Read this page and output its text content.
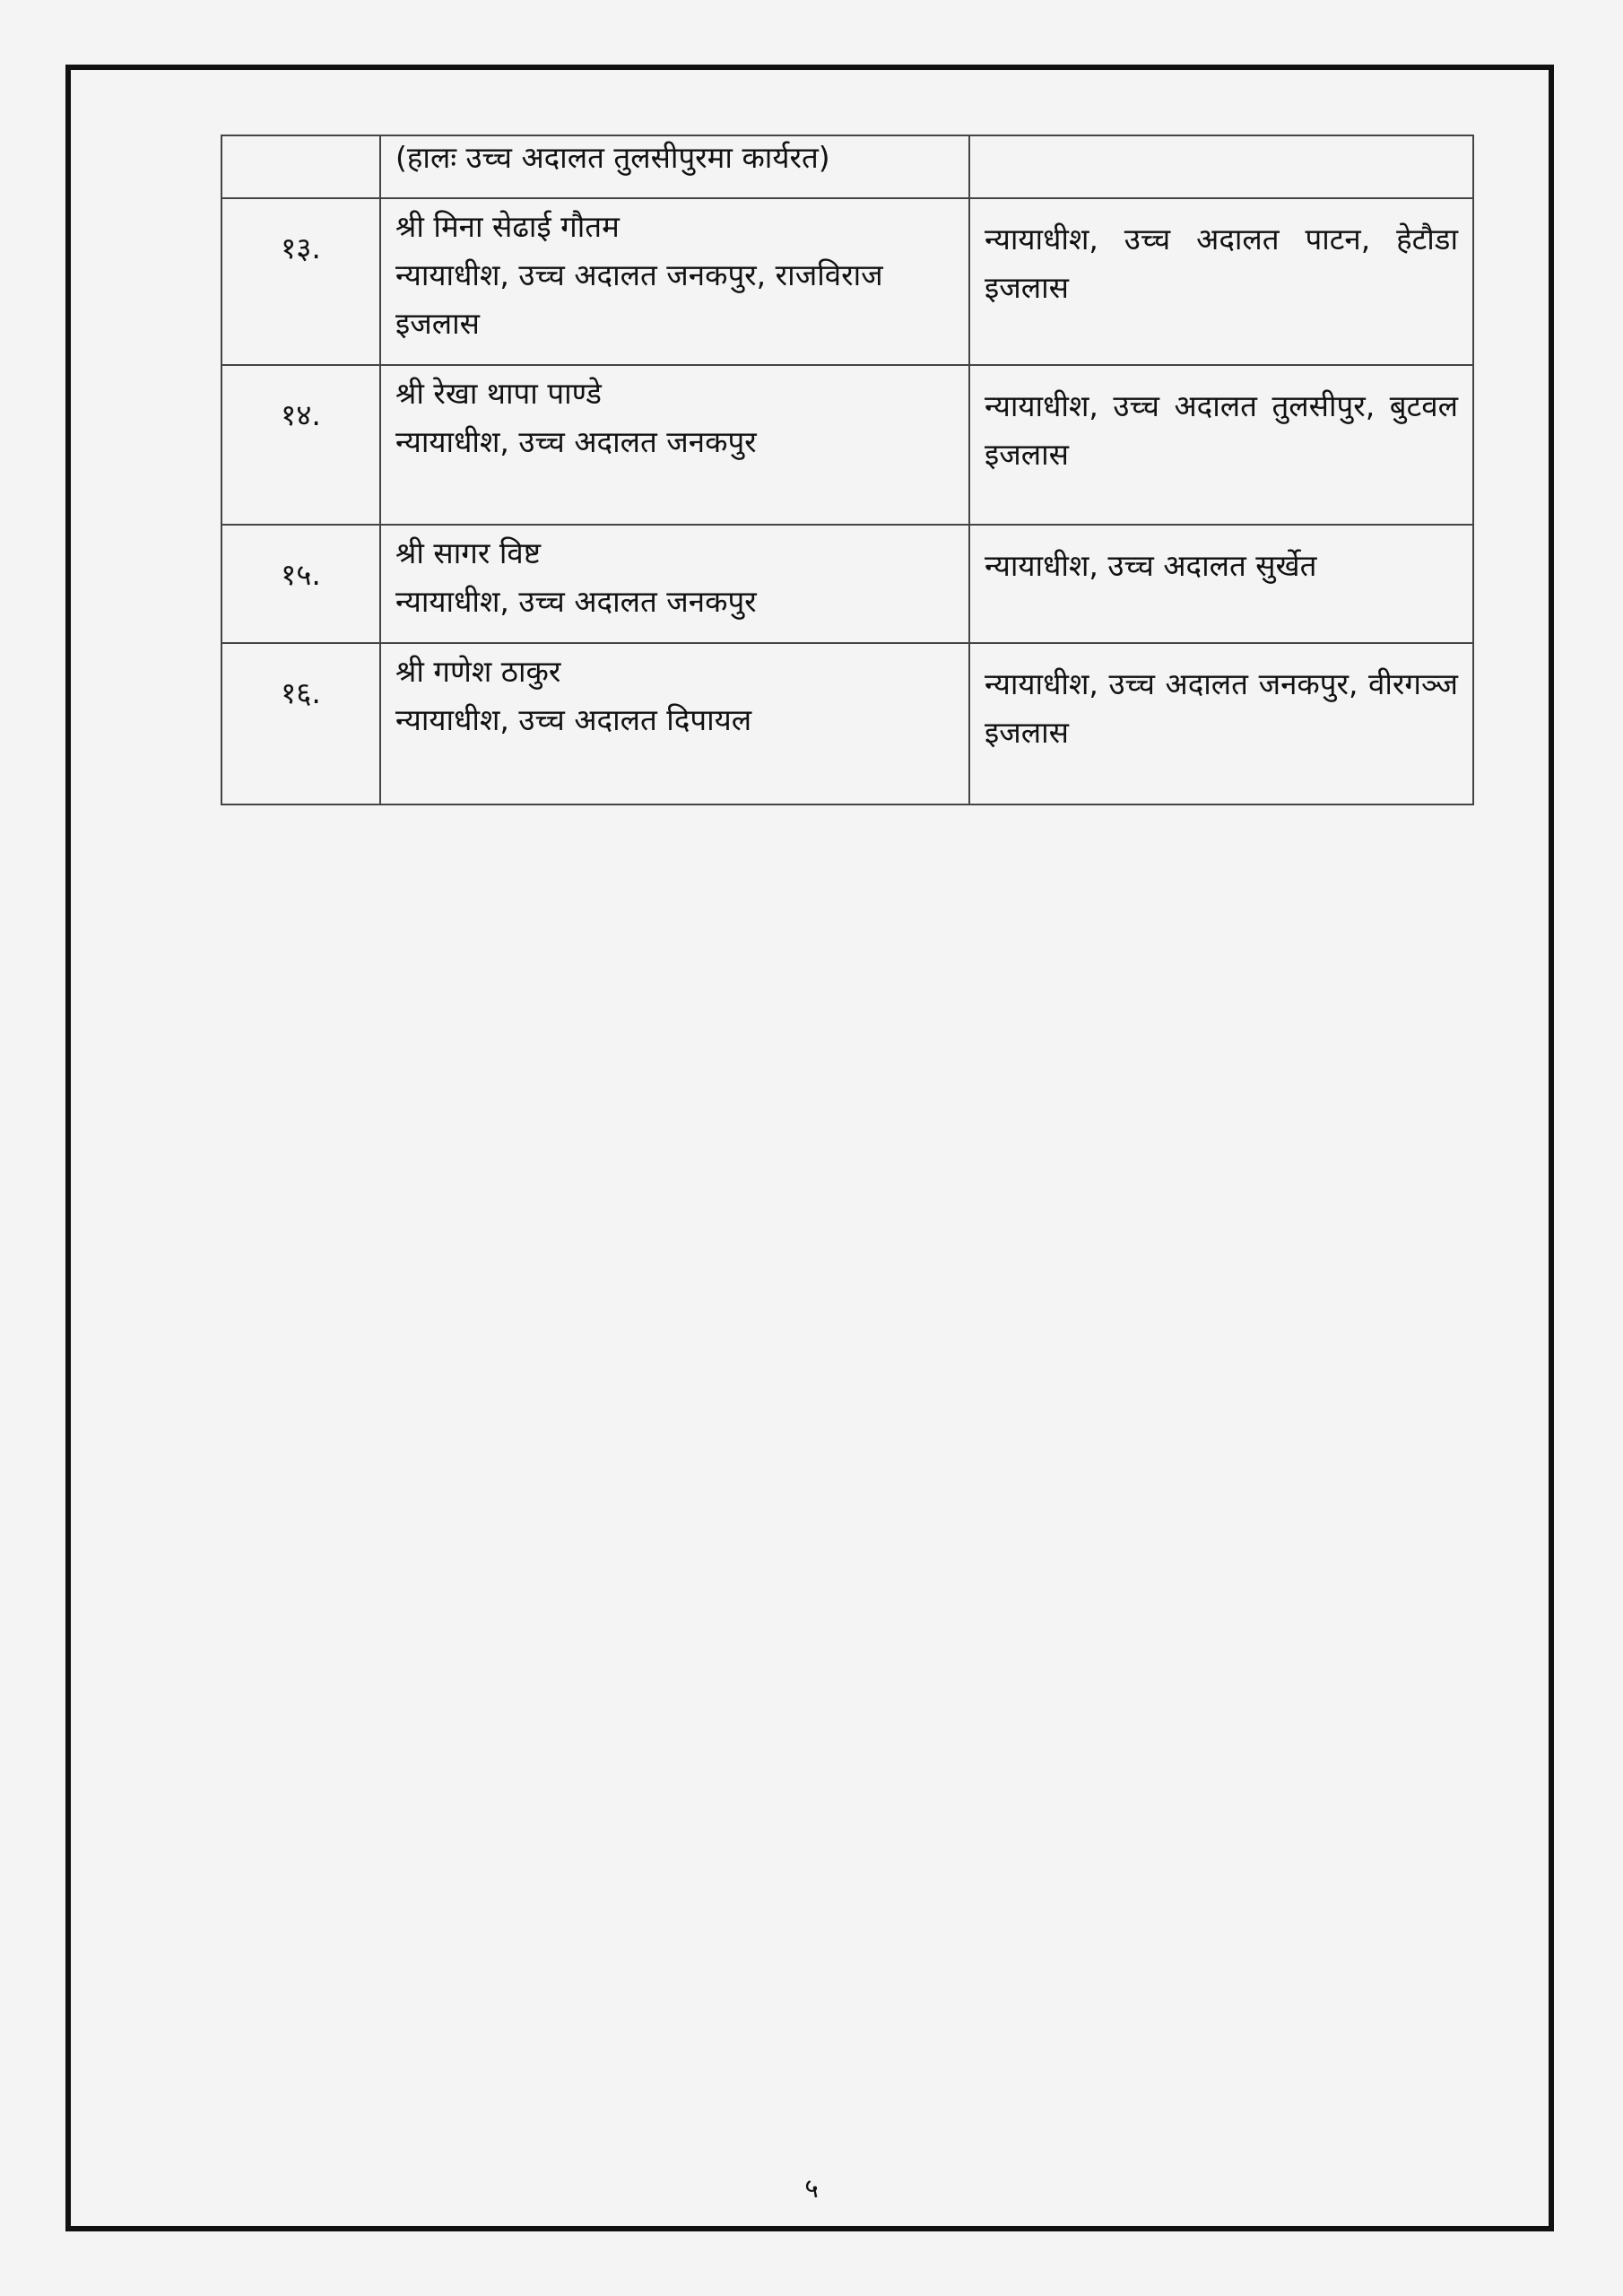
	(हालः उच्च अदालत तुलसीपुरमा कार्यरत)	

१३.	श्री मिना सेढाई गौतम
न्यायाधीश, उच्च अदालत जनकपुर, राजविराज इजलास	न्यायाधीश, उच्च अदालत पाटन, हेटौडा इजलास

१४.	श्री रेखा थापा पाण्डे
न्यायाधीश, उच्च अदालत जनकपुर	न्यायाधीश, उच्च अदालत तुलसीपुर, बुटवल इजलास

१५.	श्री सागर विष्ट
न्यायाधीश, उच्च अदालत जनकपुर	न्यायाधीश, उच्च अदालत सुर्खेत

१६.	श्री गणेश ठाकुर
न्यायाधीश, उच्च अदालत दिपायल	न्यायाधीश, उच्च अदालत जनकपुर, वीरगञ्ज इजलास
५
